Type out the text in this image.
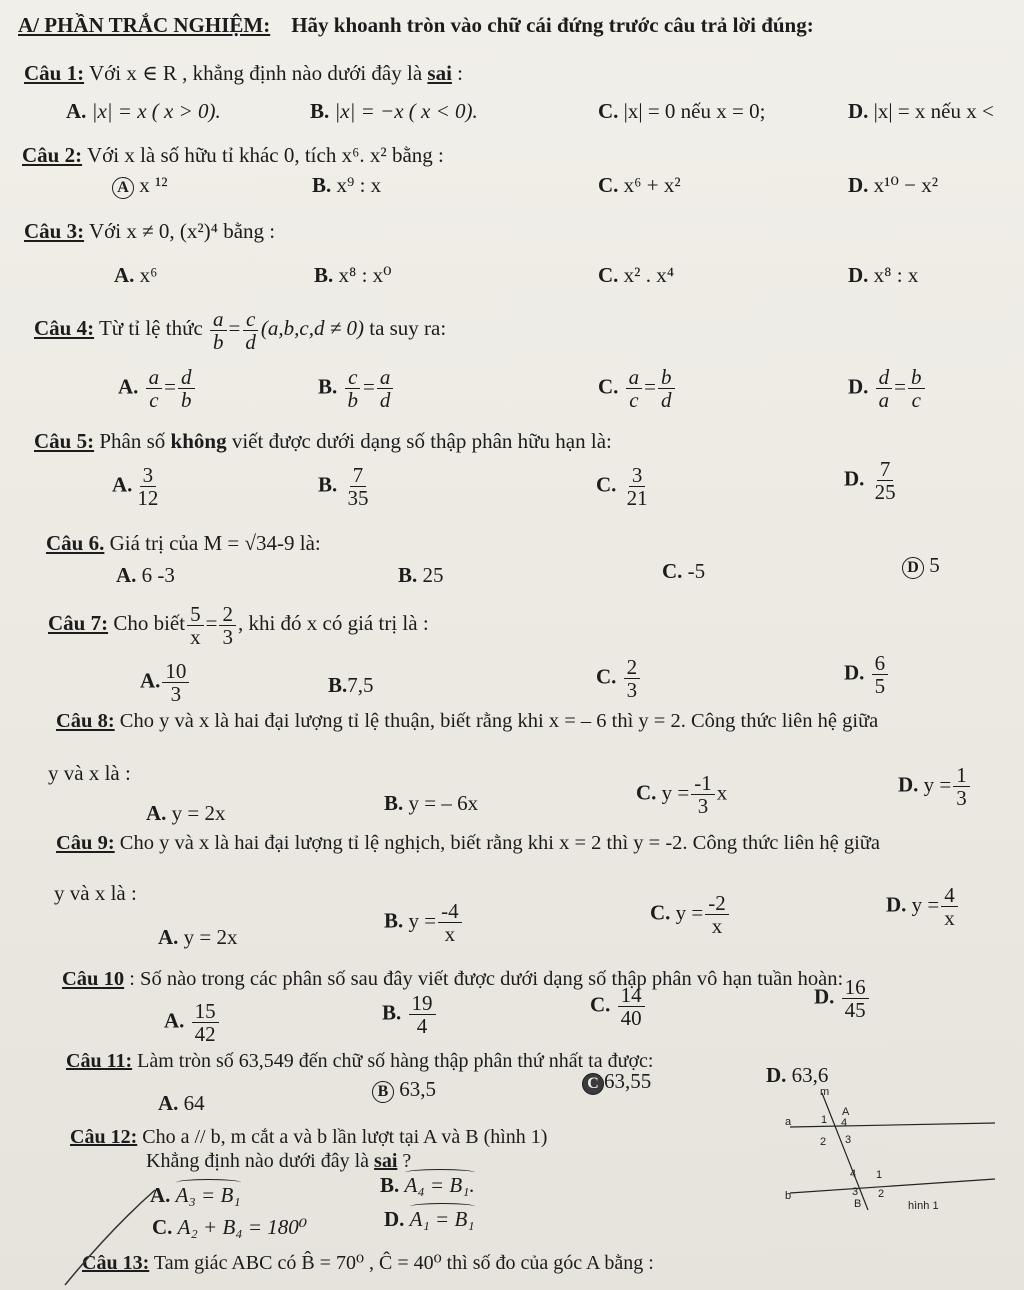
A/ PHẦN TRẮC NGHIỆM: Hãy khoanh tròn vào chữ cái đứng trước câu trả lời đúng:
Câu 1: Với x ∈ R , khẳng định nào dưới đây là sai :
A. |x| = x ( x > 0).	B. |x| = −x ( x < 0).	C. |x| = 0 nếu x = 0;	D. |x| = x nếu x <
Câu 2: Với x là số hữu tỉ khác 0, tích x⁶. x² bằng :
A x ¹²	B. x⁹ : x	C. x⁶ + x²	D. x¹⁰ − x²
Câu 3: Với x ≠ 0, (x²)⁴ bằng :
A. x⁶	B. x⁸ : x⁰	C. x² . x⁴	D. x⁸ : x
Câu 4: Từ tỉ lệ thức $\frac{a}{b} = \frac{c}{d} (a,b,c,d \ne 0)$ ta suy ra:
A. $\frac{a}{c} = \frac{d}{b}$	B. $\frac{c}{b} = \frac{a}{d}$	C. $\frac{a}{c} = \frac{b}{d}$	D. $\frac{d}{a} = \frac{b}{c}$
Câu 5: Phân số không viết được dưới dạng số thập phân hữu hạn là:
A. $\frac{3}{12}$	B. $\frac{7}{35}$	C. $\frac{3}{21}$	D. $\frac{7}{25}$
Câu 6. Giá trị của M = √34-9 là:
A. 6 -3	B. 25	C. -5	D 5
Câu 7: Cho biết $\frac{5}{x} = \frac{2}{3}$ , khi đó x có giá trị là :
A. $\frac{10}{3}$	B.7,5	C. $\frac{2}{3}$	D. $\frac{6}{5}$
Câu 8: Cho y và x là hai đại lượng tỉ lệ thuận, biết rằng khi x = – 6 thì y = 2. Công thức liên hệ giữa
y và x là :
A. y = 2x	B. y = – 6x	C. $y = \frac{-1}{3}$ x	D. $y = \frac{1}{3}$
Câu 9: Cho y và x là hai đại lượng tỉ lệ nghịch, biết rằng khi x = 2 thì y = -2. Công thức liên hệ giữa
y và x là :
A. y = 2x
B. $y = \frac{-4}{x}$	C. $y = \frac{-2}{x}$	D. $y = \frac{4}{x}$
Câu 10 : Số nào trong các phân số sau đây viết được dưới dạng số thập phân vô hạn tuần hoàn:
A. $\frac{15}{42}$	B. $\frac{19}{4}$	C. $\frac{14}{40}$	D. $\frac{16}{45}$
Câu 11: Làm tròn số 63,549 đến chữ số hàng thập phân thứ nhất ta được:
A. 64	B 63,5	C 63,55	D. 63,6
Câu 12: Cho a // b, m cắt a và b lần lượt tại A và B (hình 1)
Khẳng định nào dưới đây là sai ?
A. A₃ = B₁	B. A₄ = B₁.
C. A₂ + B₄ = 180⁰	D. A₁ = B₁
Câu 13: Tam giác ABC có B̂ = 70⁰ , Ĉ = 40⁰ thì số đo của góc A bằng :
m
a
b
A
1 4
2 3
4 1
3 2
B	hình 1
